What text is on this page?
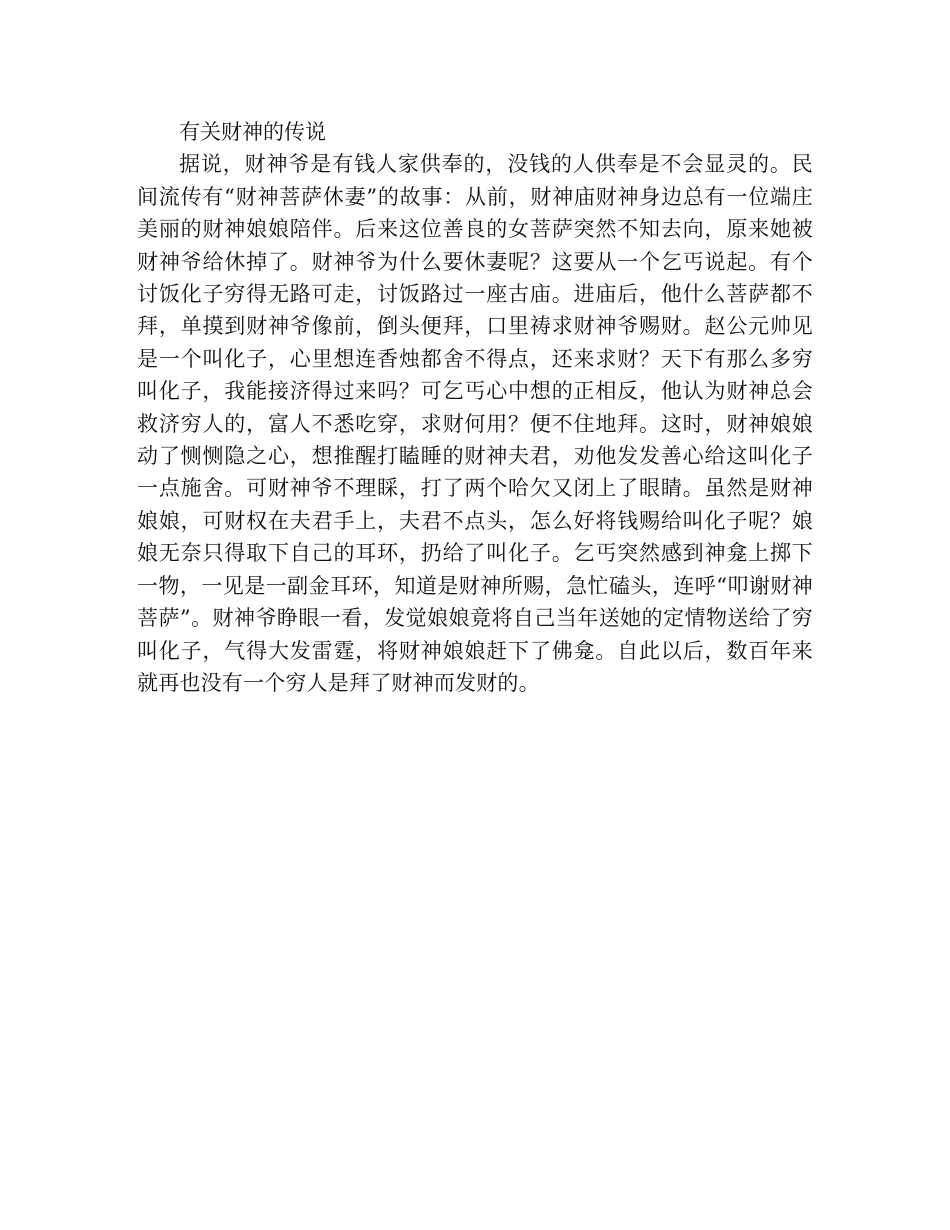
有关财神的传说

据说，财神爷是有钱人家供奉的，没钱的人供奉是不会显灵的。民间流传有“财神菩萨休妻”的故事：从前，财神庙财神身边总有一位端庄美丽的财神娘娘陪伴。后来这位善良的女菩萨突然不知去向，原来她被财神爷给休掉了。财神爷为什么要休妻呢？这要从一个乞丐说起。有个讨饭化子穷得无路可走，讨饭路过一座古庙。进庙后，他什么菩萨都不拜，单摸到财神爷像前，倒头便拜，口里祷求财神爷赐财。赵公元帅见是一个叫化子，心里想连香烛都舍不得点，还来求财？天下有那么多穷叫化子，我能接济得过来吗？可乞丐心中想的正相反，他认为财神总会救济穷人的，富人不悉吃穿，求财何用？便不住地拜。这时，财神娘娘动了恻恻隐之心，想推醒打瞌睡的财神夫君，劝他发发善心给这叫化子一点施舍。可财神爷不理睬，打了两个哈欠又闭上了眼睛。虽然是财神娘娘，可财权在夫君手上，夫君不点头，怎么好将钱赐给叫化子呢？娘娘无奈只得取下自己的耳环，扔给了叫化子。乞丐突然感到神龛上掷下一物，一见是一副金耳环，知道是财神所赐，急忙磕头，连呼“叩谢财神菩萨”。财神爷睁眼一看，发觉娘娘竟将自己当年送她的定情物送给了穷叫化子，气得大发雷霆，将财神娘娘赶下了佛龛。自此以后，数百年来就再也没有一个穷人是拜了财神而发财的。
